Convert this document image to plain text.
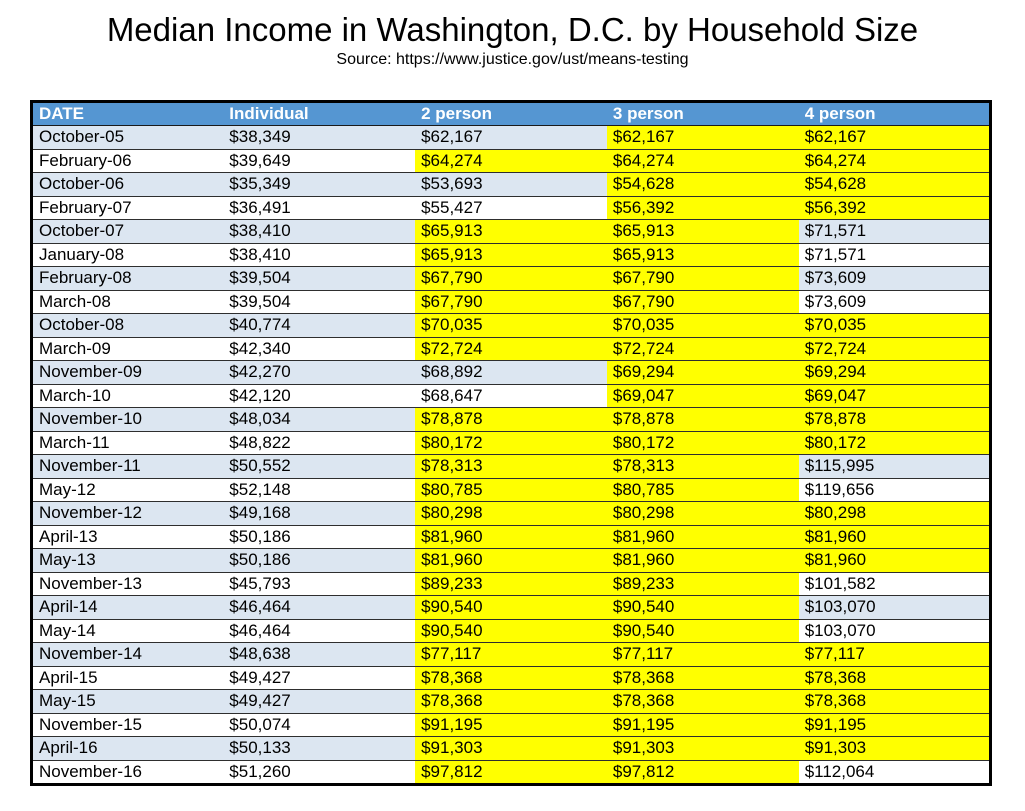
Median Income in Washington, D.C. by Household Size
Source: https://www.justice.gov/ust/means-testing
DATE	Individual	2 person	3 person	4 person
October-05	$38,349	$62,167	$62,167	$62,167
February-06	$39,649	$64,274	$64,274	$64,274
October-06	$35,349	$53,693	$54,628	$54,628
February-07	$36,491	$55,427	$56,392	$56,392
October-07	$38,410	$65,913	$65,913	$71,571
January-08	$38,410	$65,913	$65,913	$71,571
February-08	$39,504	$67,790	$67,790	$73,609
March-08	$39,504	$67,790	$67,790	$73,609
October-08	$40,774	$70,035	$70,035	$70,035
March-09	$42,340	$72,724	$72,724	$72,724
November-09	$42,270	$68,892	$69,294	$69,294
March-10	$42,120	$68,647	$69,047	$69,047
November-10	$48,034	$78,878	$78,878	$78,878
March-11	$48,822	$80,172	$80,172	$80,172
November-11	$50,552	$78,313	$78,313	$115,995
May-12	$52,148	$80,785	$80,785	$119,656
November-12	$49,168	$80,298	$80,298	$80,298
April-13	$50,186	$81,960	$81,960	$81,960
May-13	$50,186	$81,960	$81,960	$81,960
November-13	$45,793	$89,233	$89,233	$101,582
April-14	$46,464	$90,540	$90,540	$103,070
May-14	$46,464	$90,540	$90,540	$103,070
November-14	$48,638	$77,117	$77,117	$77,117
April-15	$49,427	$78,368	$78,368	$78,368
May-15	$49,427	$78,368	$78,368	$78,368
November-15	$50,074	$91,195	$91,195	$91,195
April-16	$50,133	$91,303	$91,303	$91,303
November-16	$51,260	$97,812	$97,812	$112,064
